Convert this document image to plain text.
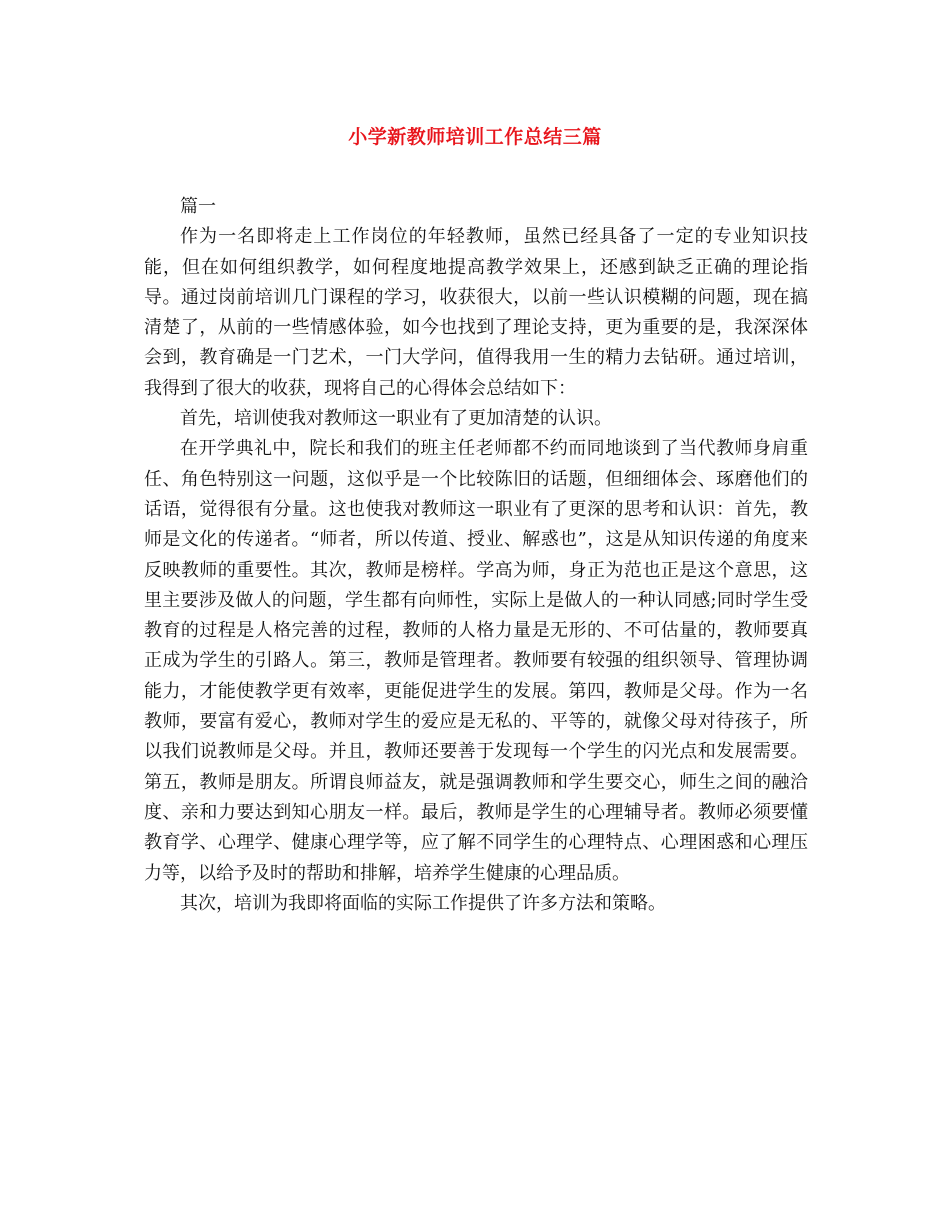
小学新教师培训工作总结三篇

篇一

作为一名即将走上工作岗位的年轻教师，虽然已经具备了一定的专业知识技能，但在如何组织教学，如何程度地提高教学效果上，还感到缺乏正确的理论指导。通过岗前培训几门课程的学习，收获很大，以前一些认识模糊的问题，现在搞清楚了，从前的一些情感体验，如今也找到了理论支持，更为重要的是，我深深体会到，教育确是一门艺术，一门大学问，值得我用一生的精力去钻研。通过培训，我得到了很大的收获，现将自己的心得体会总结如下：

首先，培训使我对教师这一职业有了更加清楚的认识。

在开学典礼中，院长和我们的班主任老师都不约而同地谈到了当代教师身肩重任、角色特别这一问题，这似乎是一个比较陈旧的话题，但细细体会、琢磨他们的话语，觉得很有分量。这也使我对教师这一职业有了更深的思考和认识：首先，教师是文化的传递者。“师者，所以传道、授业、解惑也”，这是从知识传递的角度来反映教师的重要性。其次，教师是榜样。学高为师，身正为范也正是这个意思，这里主要涉及做人的问题，学生都有向师性，实际上是做人的一种认同感;同时学生受教育的过程是人格完善的过程，教师的人格力量是无形的、不可估量的，教师要真正成为学生的引路人。第三，教师是管理者。教师要有较强的组织领导、管理协调能力，才能使教学更有效率，更能促进学生的发展。第四，教师是父母。作为一名教师，要富有爱心，教师对学生的爱应是无私的、平等的，就像父母对待孩子，所以我们说教师是父母。并且，教师还要善于发现每一个学生的闪光点和发展需要。第五，教师是朋友。所谓良师益友，就是强调教师和学生要交心，师生之间的融洽度、亲和力要达到知心朋友一样。最后，教师是学生的心理辅导者。教师必须要懂教育学、心理学、健康心理学等，应了解不同学生的心理特点、心理困惑和心理压力等，以给予及时的帮助和排解，培养学生健康的心理品质。

其次，培训为我即将面临的实际工作提供了许多方法和策略。
